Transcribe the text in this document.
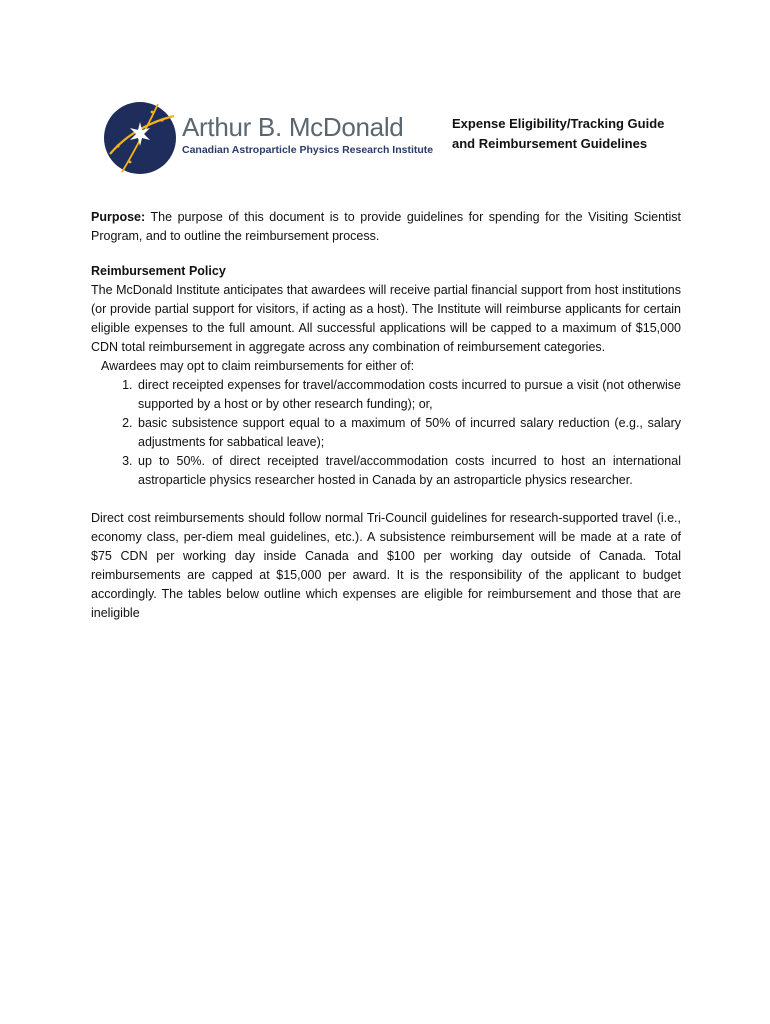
Arthur B. McDonald
Canadian Astroparticle Physics Research Institute
Expense Eligibility/Tracking Guide
and Reimbursement Guidelines

Purpose: The purpose of this document is to provide guidelines for spending for the Visiting Scientist Program, and to outline the reimbursement process.

Reimbursement Policy

The McDonald Institute anticipates that awardees will receive partial financial support from host institutions (or provide partial support for visitors, if acting as a host). The Institute will reimburse applicants for certain eligible expenses to the full amount. All successful applications will be capped to a maximum of $15,000 CDN total reimbursement in aggregate across any combination of reimbursement categories.

Awardees may opt to claim reimbursements for either of:

1. direct receipted expenses for travel/accommodation costs incurred to pursue a visit (not otherwise supported by a host or by other research funding); or,
2. basic subsistence support equal to a maximum of 50% of incurred salary reduction (e.g., salary adjustments for sabbatical leave);
3. up to 50%. of direct receipted travel/accommodation costs incurred to host an international astroparticle physics researcher hosted in Canada by an astroparticle physics researcher.

Direct cost reimbursements should follow normal Tri-Council guidelines for research-supported travel (i.e., economy class, per-diem meal guidelines, etc.). A subsistence reimbursement will be made at a rate of $75 CDN per working day inside Canada and $100 per working day outside of Canada. Total reimbursements are capped at $15,000 per award. It is the responsibility of the applicant to budget accordingly. The tables below outline which expenses are eligible for reimbursement and those that are ineligible
